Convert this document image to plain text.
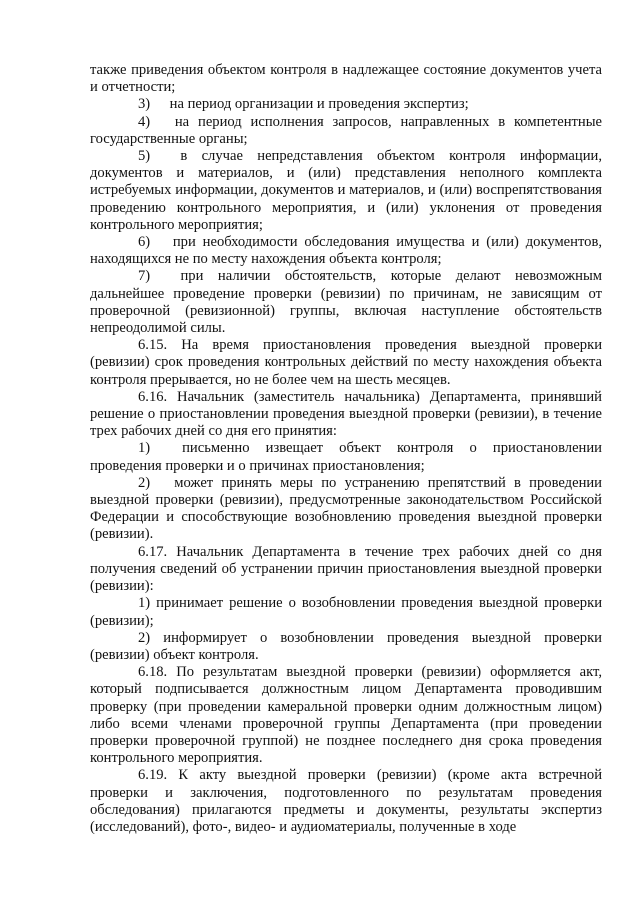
также приведения объектом контроля в надлежащее состояние документов учета и отчетности;

3) на период организации и проведения экспертиз;

4) на период исполнения запросов, направленных в компетентные государственные органы;

5) в случае непредставления объектом контроля информации, документов и материалов, и (или) представления неполного комплекта истребуемых информации, документов и материалов, и (или) воспрепятствования проведению контрольного мероприятия, и (или) уклонения от проведения контрольного мероприятия;

6) при необходимости обследования имущества и (или) документов, находящихся не по месту нахождения объекта контроля;

7) при наличии обстоятельств, которые делают невозможным дальнейшее проведение проверки (ревизии) по причинам, не зависящим от проверочной (ревизионной) группы, включая наступление обстоятельств непреодолимой силы.

6.15. На время приостановления проведения выездной проверки (ревизии) срок проведения контрольных действий по месту нахождения объекта контроля прерывается, но не более чем на шесть месяцев.

6.16. Начальник (заместитель начальника) Департамента, принявший решение о приостановлении проведения выездной проверки (ревизии), в течение трех рабочих дней со дня его принятия:

1) письменно извещает объект контроля о приостановлении проведения проверки и о причинах приостановления;

2) может принять меры по устранению препятствий в проведении выездной проверки (ревизии), предусмотренные законодательством Российской Федерации и способствующие возобновлению проведения выездной проверки (ревизии).

6.17. Начальник Департамента в течение трех рабочих дней со дня получения сведений об устранении причин приостановления выездной проверки (ревизии):

1) принимает решение о возобновлении проведения выездной проверки (ревизии);

2) информирует о возобновлении проведения выездной проверки (ревизии) объект контроля.

6.18. По результатам выездной проверки (ревизии) оформляется акт, который подписывается должностным лицом Департамента проводившим проверку (при проведении камеральной проверки одним должностным лицом) либо всеми членами проверочной группы Департамента (при проведении проверки проверочной группой) не позднее последнего дня срока проведения контрольного мероприятия.

6.19. К акту выездной проверки (ревизии) (кроме акта встречной проверки и заключения, подготовленного по результатам проведения обследования) прилагаются предметы и документы, результаты экспертиз (исследований), фото-, видео- и аудиоматериалы, полученные в ходе
